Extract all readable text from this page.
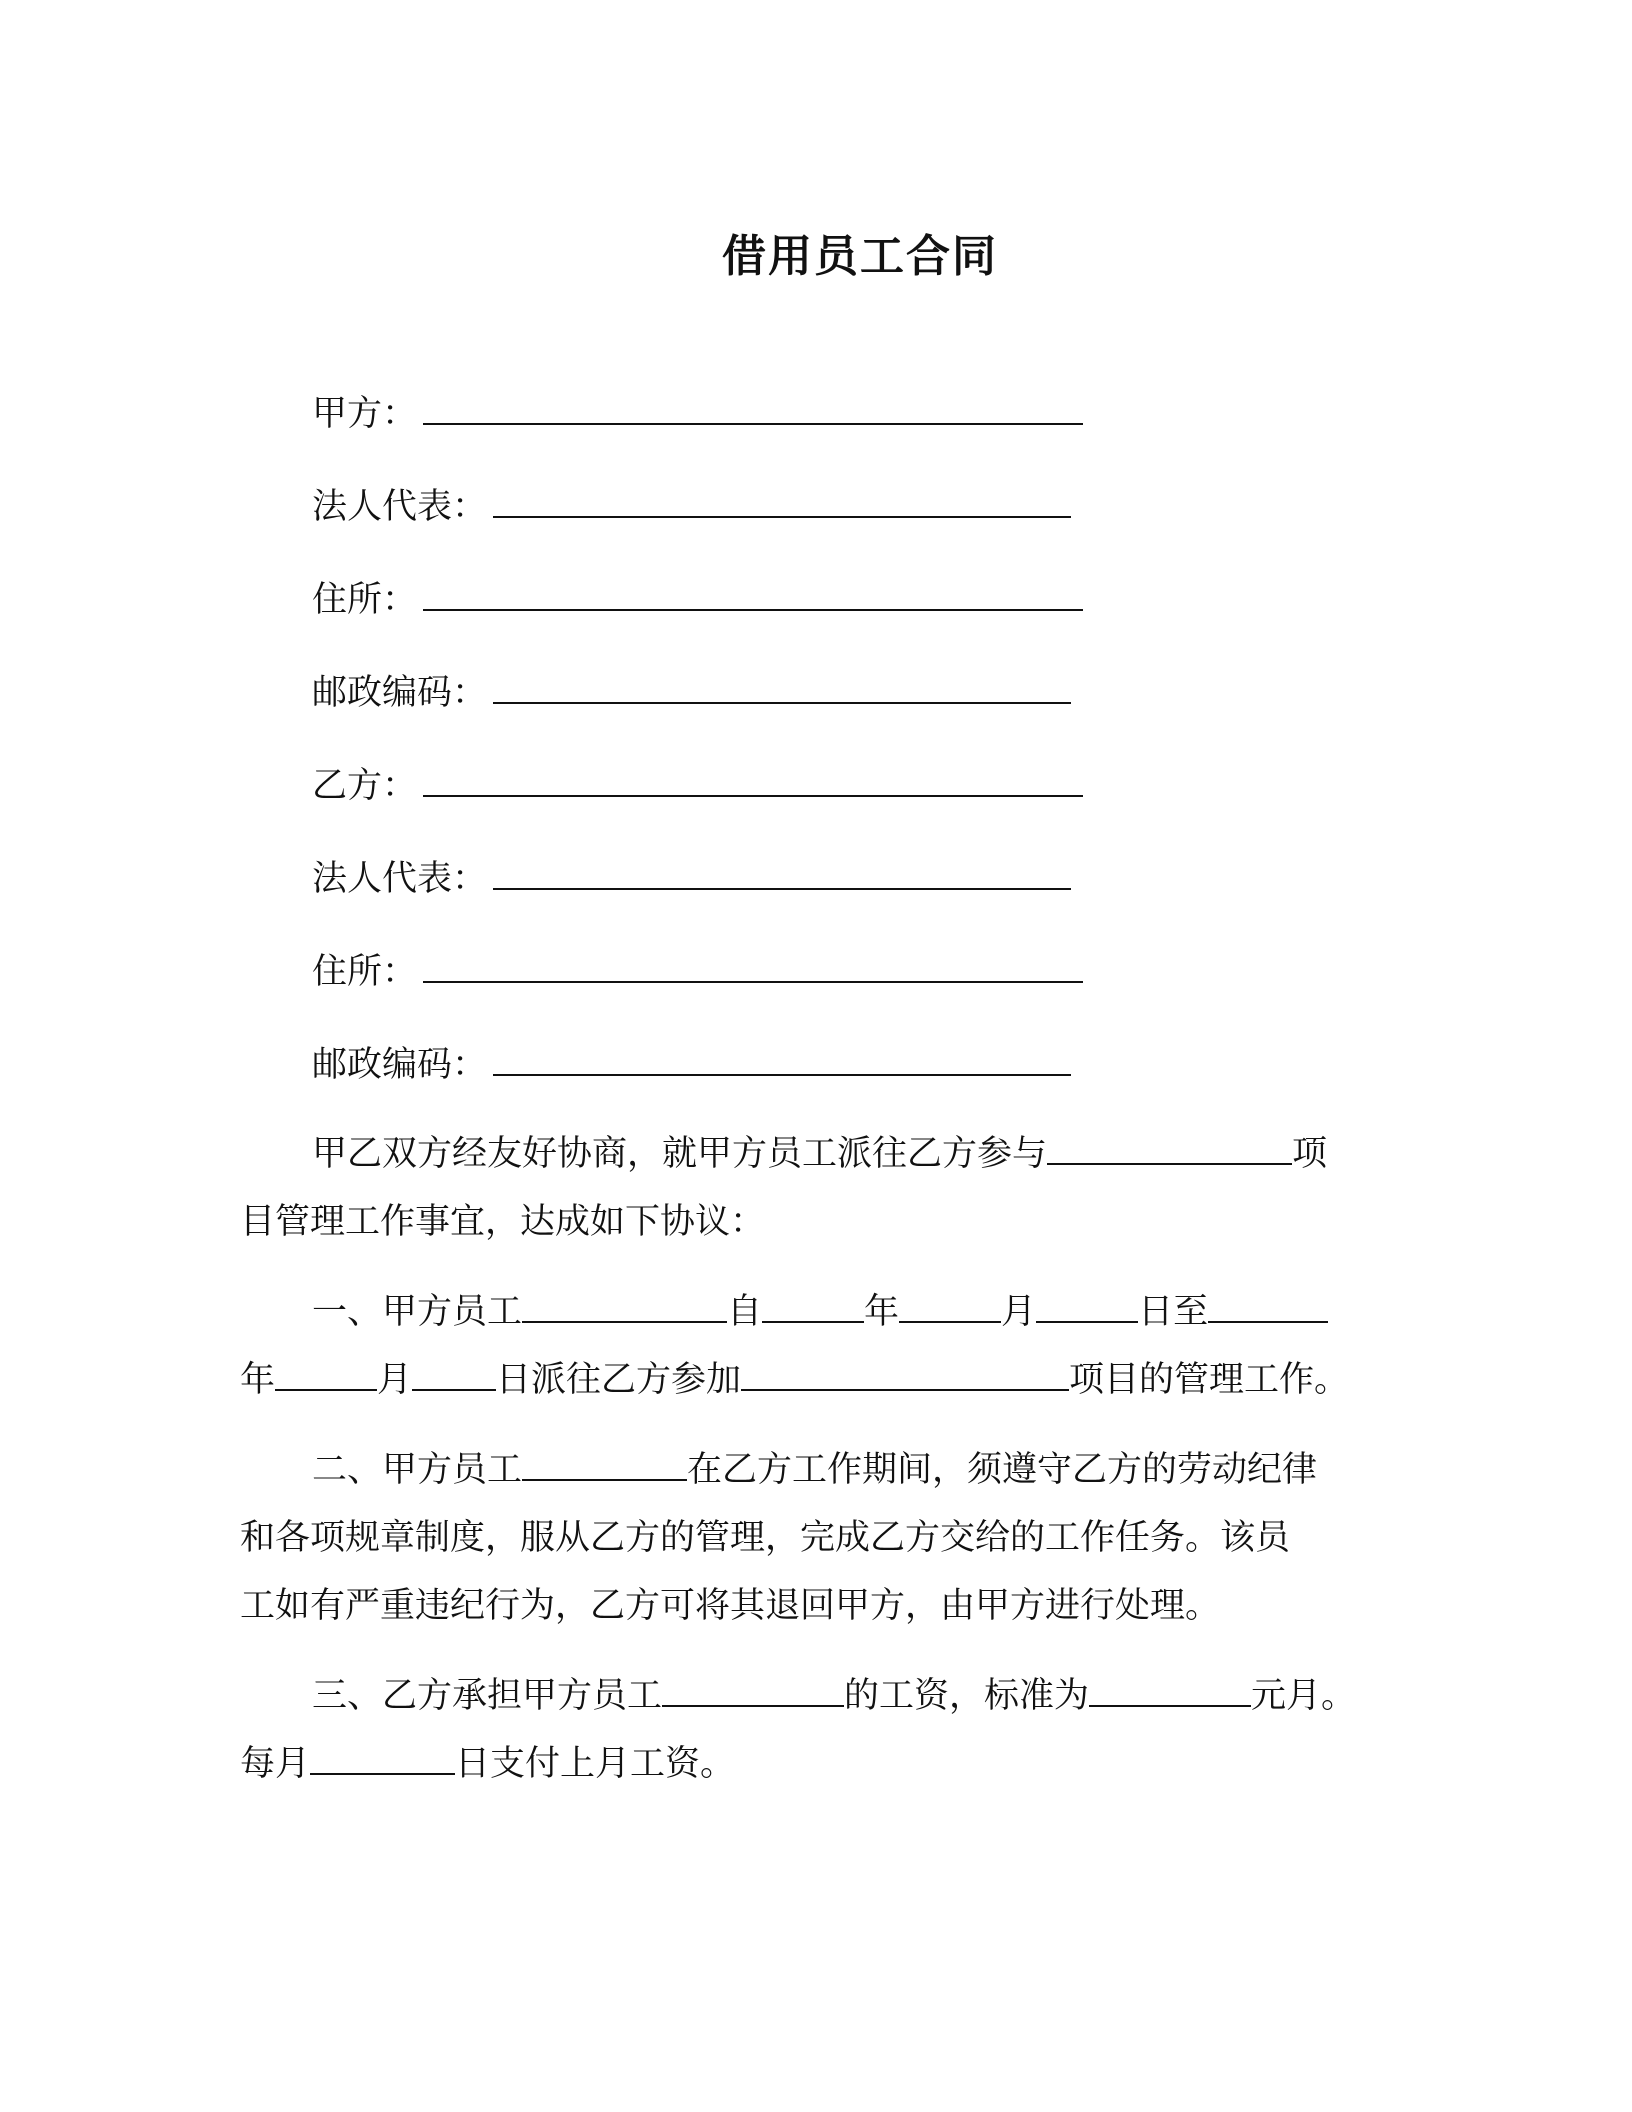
借用员工合同
甲方：
法人代表：
住所：
邮政编码：
乙方：
法人代表：
住所：
邮政编码：
甲乙双方经友好协商，就甲方员工派往乙方参与	项
目管理工作事宜，达成如下协议：
一、甲方员工	自	年	月	日至
年	月 日派往乙方参加	项目的管理工作。
二、甲方员工	在乙方工作期间，须遵守乙方的劳动纪律
和各项规章制度，服从乙方的管理，完成乙方交给的工作任务。该员
工如有严重违纪行为，乙方可将其退回甲方，由甲方进行处理。
三、乙方承担甲方员工	的工资，标准为	元月。
每月	日支付上月工资。
